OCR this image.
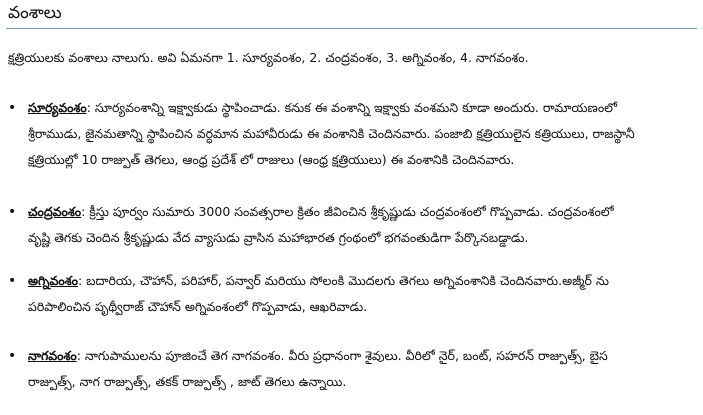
వంశాలు
క్షత్రియులకు వంశాలు నాలుగు. అవి ఏమనగా 1. సూర్యవంశం, 2. చంద్రవంశం, 3. అగ్నివంశం, 4. నాగవంశం.
• సూర్యవంశం: సూర్యవంశాన్ని ఇక్ష్వాకుడు స్థాపించాడు. కనుక ఈ వంశాన్ని ఇక్ష్వాకు వంశమని కూడా అందురు. రామాయణంలో
శ్రీరాముడు, జైనమతాన్ని స్థాపించిన వర్ధమాన మహావీరుడు ఈ వంశానికి చెందినవారు. పంజాబి క్షత్రియులైన కత్రియులు, రాజస్థానీ
క్షత్రియుల్లో 10 రాజ్పుత్ తెగలు, ఆంధ్ర ప్రదేశ్ లో రాజులు (ఆంధ్ర క్షత్రియులు) ఈ వంశానికి చెందినవారు.
• చంద్రవంశం: క్రీస్తు పూర్వం సుమారు 3000 సంవత్సరాల క్రితం జీవించిన శ్రీకృష్ణుడు చంద్రవంశంలో గొప్పవాడు. చంద్రవంశంలో
వృష్ణి తెగకు చెందిన శ్రీకృష్ణుడు వేద వ్యాసుడు వ్రాసిన మహాభారత గ్రంథంలో భగవంతుడిగా పేర్కొనబడ్డాడు.
• అగ్నివంశం: బదారియ, చౌహాన్, పరిహార్, పన్వార్ మరియు సోలంకి మొదలగు తెగలు అగ్నివంశానికి చెందినవారు.అజ్మీర్ ను
పరిపాలించిన పృథ్వీరాజ్ చౌహాన్ అగ్నివంశంలో గొప్పవాడు, ఆఖరివాడు.
• నాగవంశం: నాగుపాములను పూజించే తెగ నాగవంశం. వీరు ప్రధానంగా శైవులు. వీరిలో నైర్, బంట్, సహరన్ రాజ్పుత్స్, బైస
రాజ్పుత్స్, నాగ రాజ్పుత్స్, తకక్ రాజ్పుత్స్ , జాట్ తెగలు ఉన్నాయి.
